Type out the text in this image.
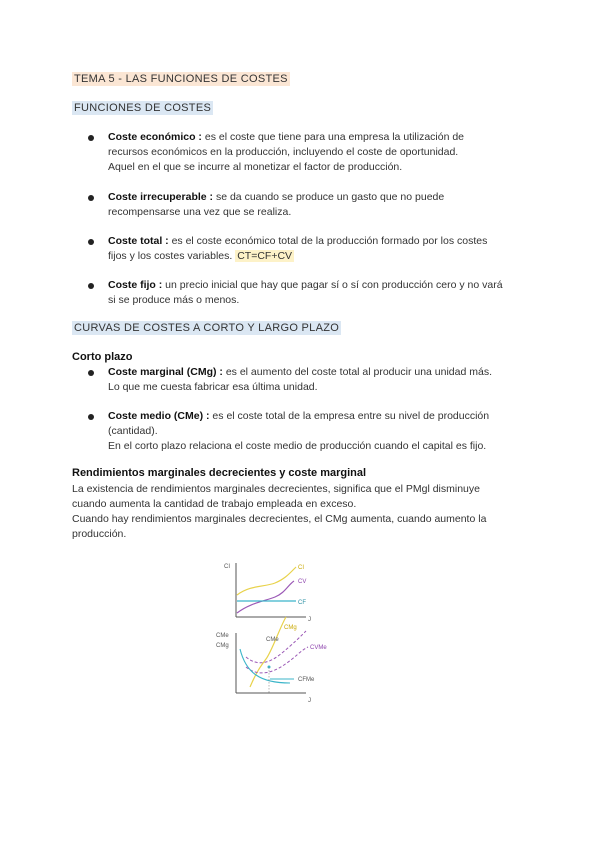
TEMA 5 - LAS FUNCIONES DE COSTES
FUNCIONES DE COSTES
Coste económico : es el coste que tiene para una empresa la utilización de
recursos económicos en la producción, incluyendo el coste de oportunidad.
Aquel en el que se incurre al monetizar el factor de producción.
Coste irrecuperable : se da cuando se produce un gasto que no puede
recompensarse una vez que se realiza.
Coste total : es el coste económico total de la producción formado por los costes
fijos y los costes variables. CT=CF+CV
Coste fijo : un precio inicial que hay que pagar sí o sí con producción cero y no vará
si se produce más o menos.
CURVAS DE COSTES A CORTO Y LARGO PLAZO
Corto plazo
Coste marginal (CMg) : es el aumento del coste total al producir una unidad más.
Lo que me cuesta fabricar esa última unidad.
Coste medio (CMe) : es el coste total de la empresa entre su nivel de producción
(cantidad).
En el corto plazo relaciona el coste medio de producción cuando el capital es fijo.
Rendimientos marginales decrecientes y coste marginal
La existencia de rendimientos marginales decrecientes, significa que el PMgl disminuye
cuando aumenta la cantidad de trabajo empleada en exceso.
Cuando hay rendimientos marginales decrecientes, el CMg aumenta, cuando aumento la
producción.
CI	CI
CV
CF
J
CMe
CMg
CMg
CMe
CVMe
CFMe
J
